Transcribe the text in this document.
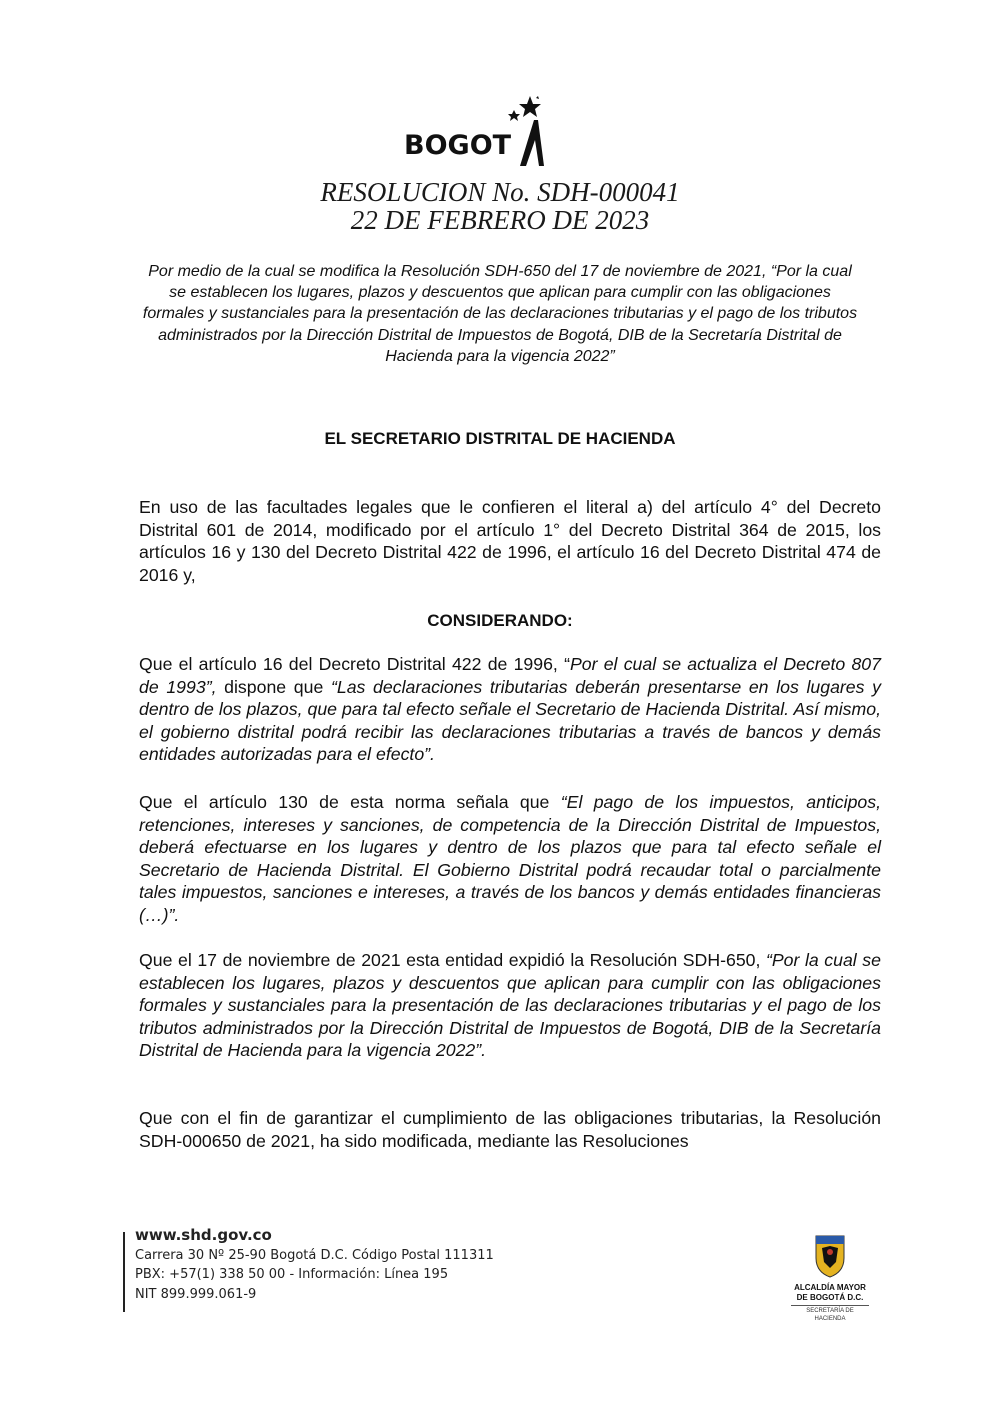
BOGOT
RESOLUCION No. SDH-000041
22 DE FEBRERO DE 2023
Por medio de la cual se modifica la Resolución SDH-650 del 17 de noviembre de 2021, “Por la cual se establecen los lugares, plazos y descuentos que aplican para cumplir con las obligaciones formales y sustanciales para la presentación de las declaraciones tributarias y el pago de los tributos administrados por la Dirección Distrital de Impuestos de Bogotá, DIB de la Secretaría Distrital de Hacienda para la vigencia 2022”
EL SECRETARIO DISTRITAL DE HACIENDA
En uso de las facultades legales que le confieren el literal a) del artículo 4° del Decreto Distrital 601 de 2014, modificado por el artículo 1° del Decreto Distrital 364 de 2015, los artículos 16 y 130 del Decreto Distrital 422 de 1996, el artículo 16 del Decreto Distrital 474 de 2016 y,
CONSIDERANDO:
Que el artículo 16 del Decreto Distrital 422 de 1996, “Por el cual se actualiza el Decreto 807 de 1993”, dispone que “Las declaraciones tributarias deberán presentarse en los lugares y dentro de los plazos, que para tal efecto señale el Secretario de Hacienda Distrital. Así mismo, el gobierno distrital podrá recibir las declaraciones tributarias a través de bancos y demás entidades autorizadas para el efecto”.
Que el artículo 130 de esta norma señala que “El pago de los impuestos, anticipos, retenciones, intereses y sanciones, de competencia de la Dirección Distrital de Impuestos, deberá efectuarse en los lugares y dentro de los plazos que para tal efecto señale el Secretario de Hacienda Distrital. El Gobierno Distrital podrá recaudar total o parcialmente tales impuestos, sanciones e intereses, a través de los bancos y demás entidades financieras (…)”.
Que el 17 de noviembre de 2021 esta entidad expidió la Resolución SDH-650, “Por la cual se establecen los lugares, plazos y descuentos que aplican para cumplir con las obligaciones formales y sustanciales para la presentación de las declaraciones tributarias y el pago de los tributos administrados por la Dirección Distrital de Impuestos de Bogotá, DIB de la Secretaría Distrital de Hacienda para la vigencia 2022”.
Que con el fin de garantizar el cumplimiento de las obligaciones tributarias, la Resolución SDH-000650 de 2021, ha sido modificada, mediante las Resoluciones
www.shd.gov.co
Carrera 30 Nº 25-90 Bogotá D.C. Código Postal 111311
PBX: +57(1) 338 50 00 - Información: Línea 195
NIT 899.999.061-9	ALCALDÍA MAYOR
DE BOGOTÁ D.C.
SECRETARÍA DE HACIENDA
